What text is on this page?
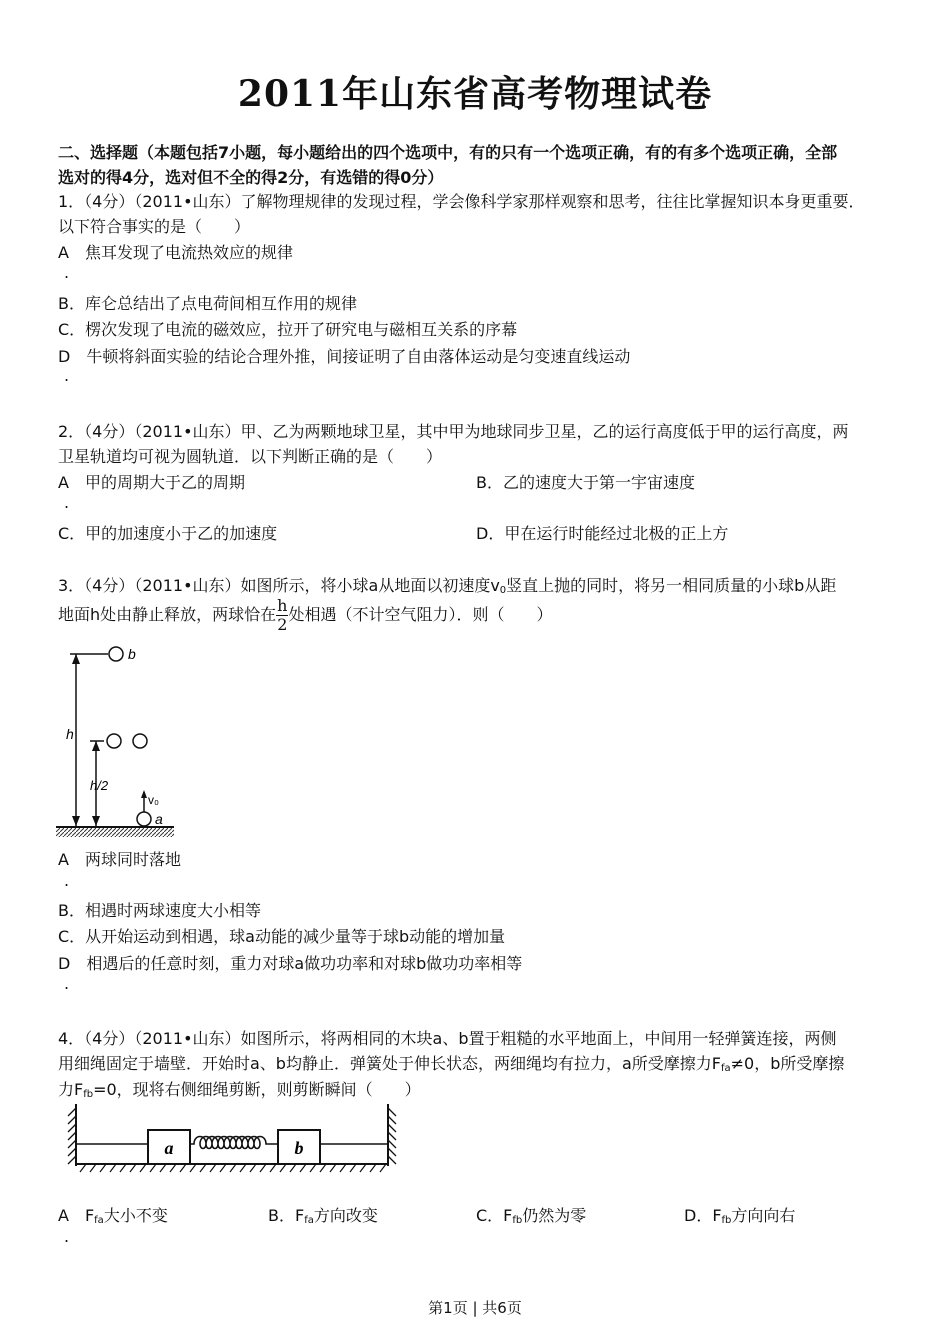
2011年山东省高考物理试卷
二、选择题（本题包括7小题，每小题给出的四个选项中，有的只有一个选项正确，有的有多个选项正确，全部
选对的得4分，选对但不全的得2分，有选错的得0分）
1．（4分）（2011•山东）了解物理规律的发现过程，学会像科学家那样观察和思考，往往比掌握知识本身更重要．
以下符合事实的是（　　）
A　焦耳发现了电流热效应的规律
.
B．库仑总结出了点电荷间相互作用的规律
C．楞次发现了电流的磁效应，拉开了研究电与磁相互关系的序幕
D　牛顿将斜面实验的结论合理外推，间接证明了自由落体运动是匀变速直线运动
.
2．（4分）（2011•山东）甲、乙为两颗地球卫星，其中甲为地球同步卫星，乙的运行高度低于甲的运行高度，两
卫星轨道均可视为圆轨道．以下判断正确的是（　　）
A　甲的周期大于乙的周期	B．乙的速度大于第一宇宙速度
.
C．甲的加速度小于乙的加速度	D．甲在运行时能经过北极的正上方
3．（4分）（2011•山东）如图所示，将小球a从地面以初速度$v_0$竖直上抛的同时，将另一相同质量的小球b从距
地面h处由静止释放，两球恰在 $\frac{h}{2}$ 处相遇（不计空气阻力）．则（　　）
b
h
h/2
v₀
a
A　两球同时落地
.
B．相遇时两球速度大小相等
C．从开始运动到相遇，球a动能的减少量等于球b动能的增加量
D　相遇后的任意时刻，重力对球a做功功率和对球b做功功率相等
.
4．（4分）（2011•山东）如图所示，将两相同的木块a、b置于粗糙的水平地面上，中间用一轻弹簧连接，两侧
用细绳固定于墙壁．开始时a、b均静止．弹簧处于伸长状态，两细绳均有拉力，a所受摩擦力$F_{fa}\ne 0$，b所受摩擦
力$F_{fb}=0$，现将右侧细绳剪断，则剪断瞬间（　　）
a	b
A　$F_{fa}$大小不变	B．$F_{fa}$方向改变	C．$F_{fb}$仍然为零	D．$F_{fb}$方向向右
.
第1页 | 共6页
